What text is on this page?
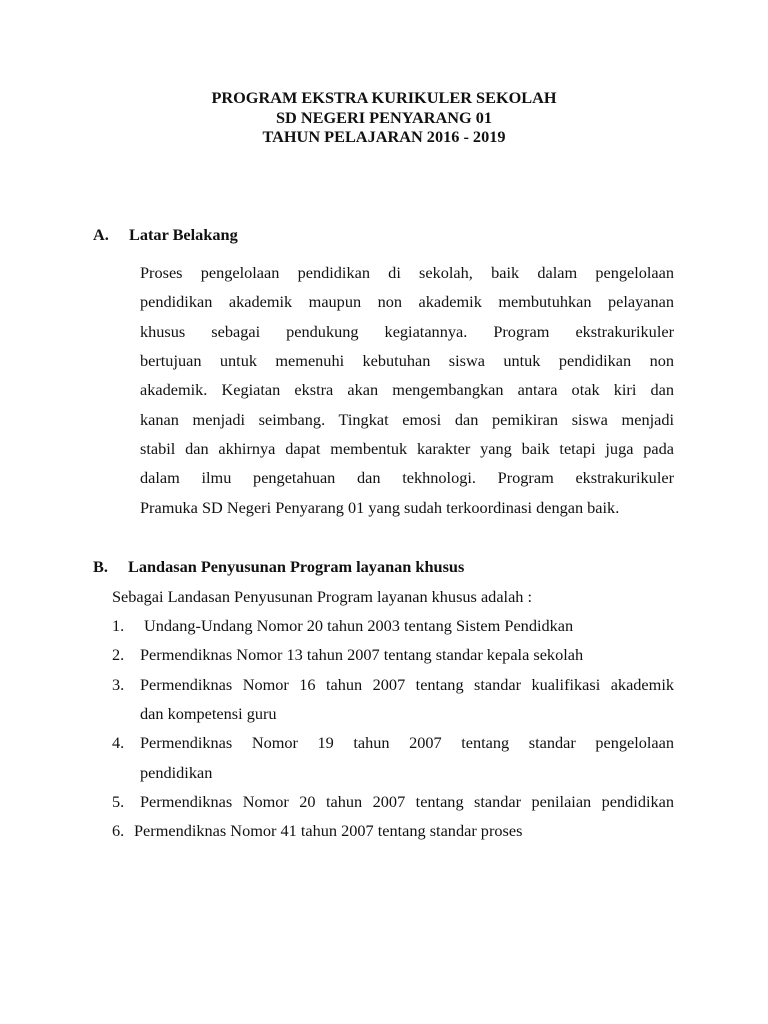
PROGRAM EKSTRA KURIKULER SEKOLAH
SD NEGERI PENYARANG 01
TAHUN PELAJARAN 2016 - 2019
A. Latar Belakang
Proses pengelolaan pendidikan di sekolah, baik dalam pengelolaan
pendidikan akademik maupun non akademik membutuhkan pelayanan
khusus sebagai pendukung kegiatannya. Program ekstrakurikuler
bertujuan untuk memenuhi kebutuhan siswa untuk pendidikan non
akademik. Kegiatan ekstra akan mengembangkan antara otak kiri dan
kanan menjadi seimbang. Tingkat emosi dan pemikiran siswa menjadi
stabil dan akhirnya dapat membentuk karakter yang baik tetapi juga pada
dalam ilmu pengetahuan dan tekhnologi. Program ekstrakurikuler
Pramuka SD Negeri Penyarang 01 yang sudah terkoordinasi dengan baik.
B. Landasan Penyusunan Program layanan khusus
Sebagai Landasan Penyusunan Program layanan khusus adalah :
1. Undang-Undang Nomor 20 tahun 2003 tentang Sistem Pendidkan
2. Permendiknas Nomor 13 tahun 2007 tentang standar kepala sekolah
3. Permendiknas Nomor 16 tahun 2007 tentang standar kualifikasi akademik
dan kompetensi guru
4. Permendiknas Nomor 19 tahun 2007 tentang standar pengelolaan
pendidikan
5. Permendiknas Nomor 20 tahun 2007 tentang standar penilaian pendidikan
6. Permendiknas Nomor 41 tahun 2007 tentang standar proses
